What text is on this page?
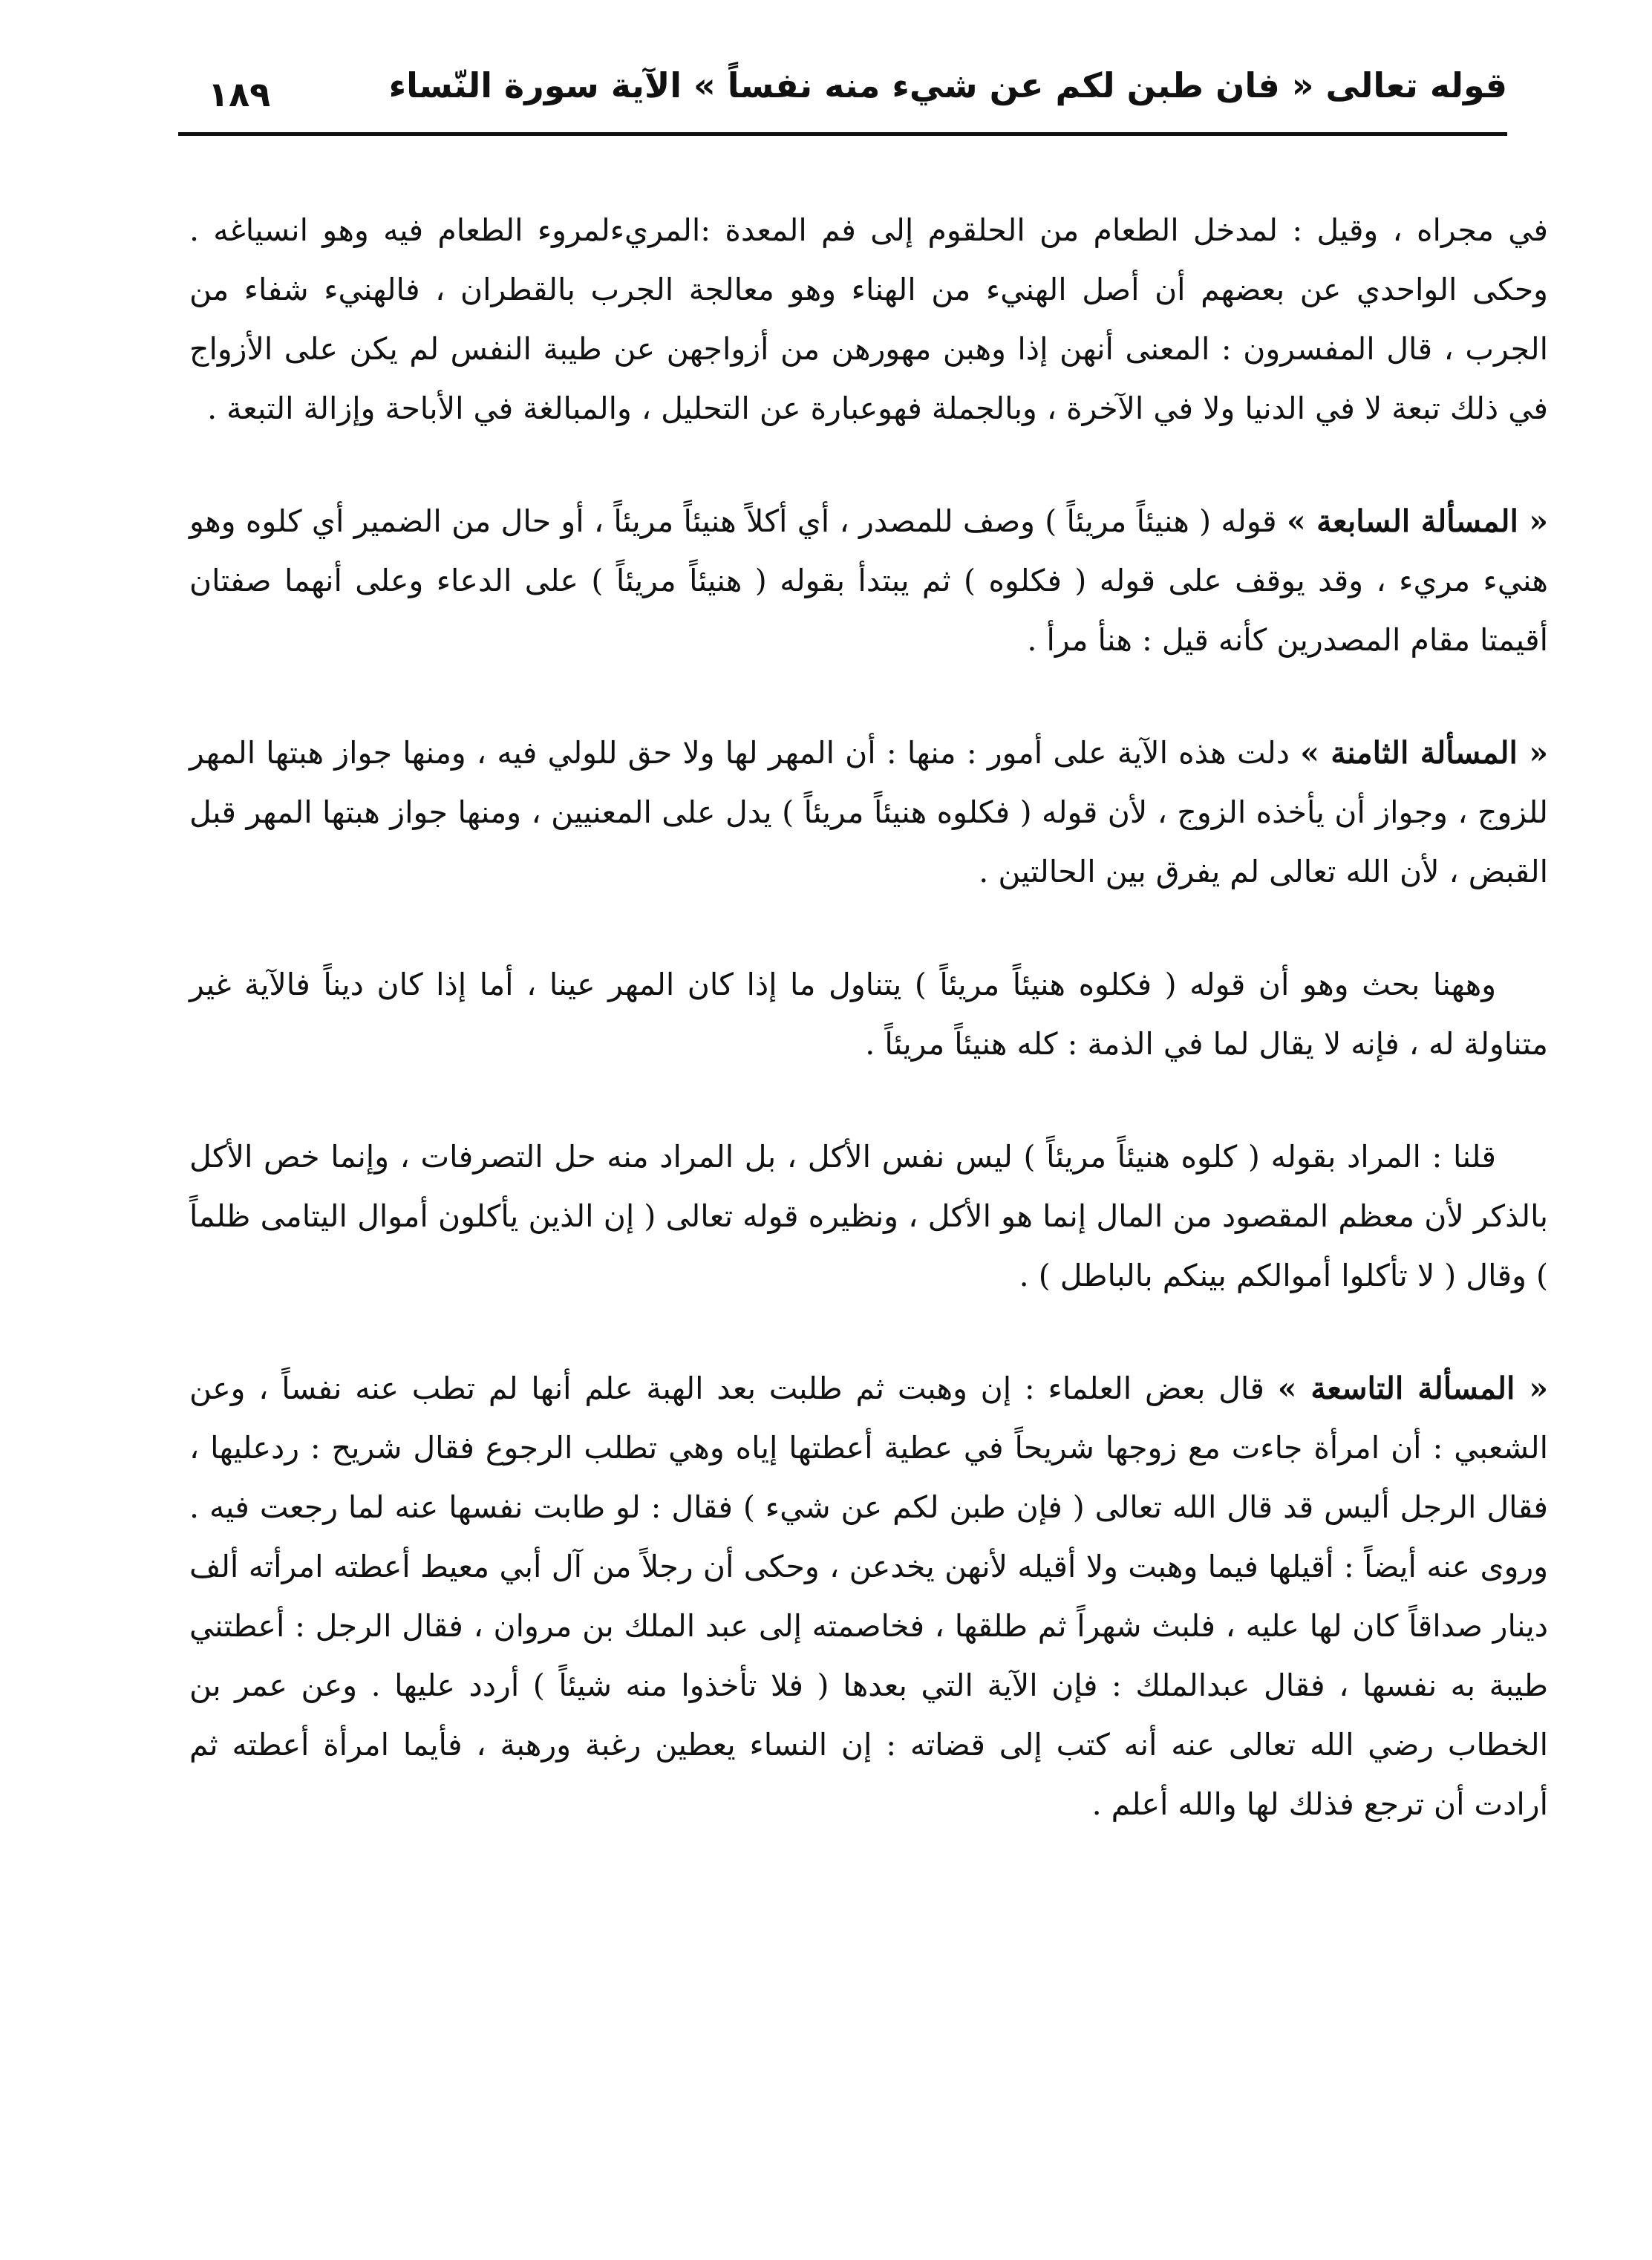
١٨٩	قوله تعالى « فان طبن لكم عن شيء منه نفساً » الآية سورة النّساء

في مجراه ، وقيل : لمدخل الطعام من الحلقوم إلى فم المعدة :المريءلمروء الطعام فيه وهو انسياغه . وحكى الواحدي عن بعضهم أن أصل الهنيء من الهناء وهو معالجة الجرب بالقطران ، فالهنيء شفاء من الجرب ، قال المفسرون : المعنى أنهن إذا وهبن مهورهن من أزواجهن عن طيبة النفس لم يكن على الأزواج في ذلك تبعة لا في الدنيا ولا في الآخرة ، وبالجملة فهوعبارة عن التحليل ، والمبالغة في الأباحة وإزالة التبعة .

« المسألة السابعة » قوله ( هنيئاً مريئاً ) وصف للمصدر ، أي أكلاً هنيئاً مريئاً ، أو حال من الضمير أي كلوه وهو هنيء مريء ، وقد يوقف على قوله ( فكلوه ) ثم يبتدأ بقوله ( هنيئاً مريئاً ) على الدعاء وعلى أنهما صفتان أقيمتا مقام المصدرين كأنه قيل : هنأ مرأ .

« المسألة الثامنة » دلت هذه الآية على أمور : منها : أن المهر لها ولا حق للولي فيه ، ومنها جواز هبتها المهر للزوج ، وجواز أن يأخذه الزوج ، لأن قوله ( فكلوه هنيئاً مريئاً ) يدل على المعنيين ، ومنها جواز هبتها المهر قبل القبض ، لأن الله تعالى لم يفرق بين الحالتين .

وههنا بحث وهو أن قوله ( فكلوه هنيئاً مريئاً ) يتناول ما إذا كان المهر عينا ، أما إذا كان ديناً فالآية غير متناولة له ، فإنه لا يقال لما في الذمة : كله هنيئاً مريئاً .

قلنا : المراد بقوله ( كلوه هنيئاً مريئاً ) ليس نفس الأكل ، بل المراد منه حل التصرفات ، وإنما خص الأكل بالذكر لأن معظم المقصود من المال إنما هو الأكل ، ونظيره قوله تعالى ( إن الذين يأكلون أموال اليتامى ظلماً ) وقال ( لا تأكلوا أموالكم بينكم بالباطل ) .

« المسألة التاسعة » قال بعض العلماء : إن وهبت ثم طلبت بعد الهبة علم أنها لم تطب عنه نفساً ، وعن الشعبي : أن امرأة جاءت مع زوجها شريحاً في عطية أعطتها إياه وهي تطلب الرجوع فقال شريح : ردعليها ، فقال الرجل أليس قد قال الله تعالى ( فإن طبن لكم عن شيء ) فقال : لو طابت نفسها عنه لما رجعت فيه . وروى عنه أيضاً : أقيلها فيما وهبت ولا أقيله لأنهن يخدعن ، وحكى أن رجلاً من آل أبي معيط أعطته امرأته ألف دينار صداقاً كان لها عليه ، فلبث شهراً ثم طلقها ، فخاصمته إلى عبد الملك بن مروان ، فقال الرجل : أعطتني طيبة به نفسها ، فقال عبدالملك : فإن الآية التي بعدها ( فلا تأخذوا منه شيئاً ) أردد عليها . وعن عمر بن الخطاب رضي الله تعالى عنه أنه كتب إلى قضاته : إن النساء يعطين رغبة ورهبة ، فأيما امرأة أعطته ثم أرادت أن ترجع فذلك لها والله أعلم .
